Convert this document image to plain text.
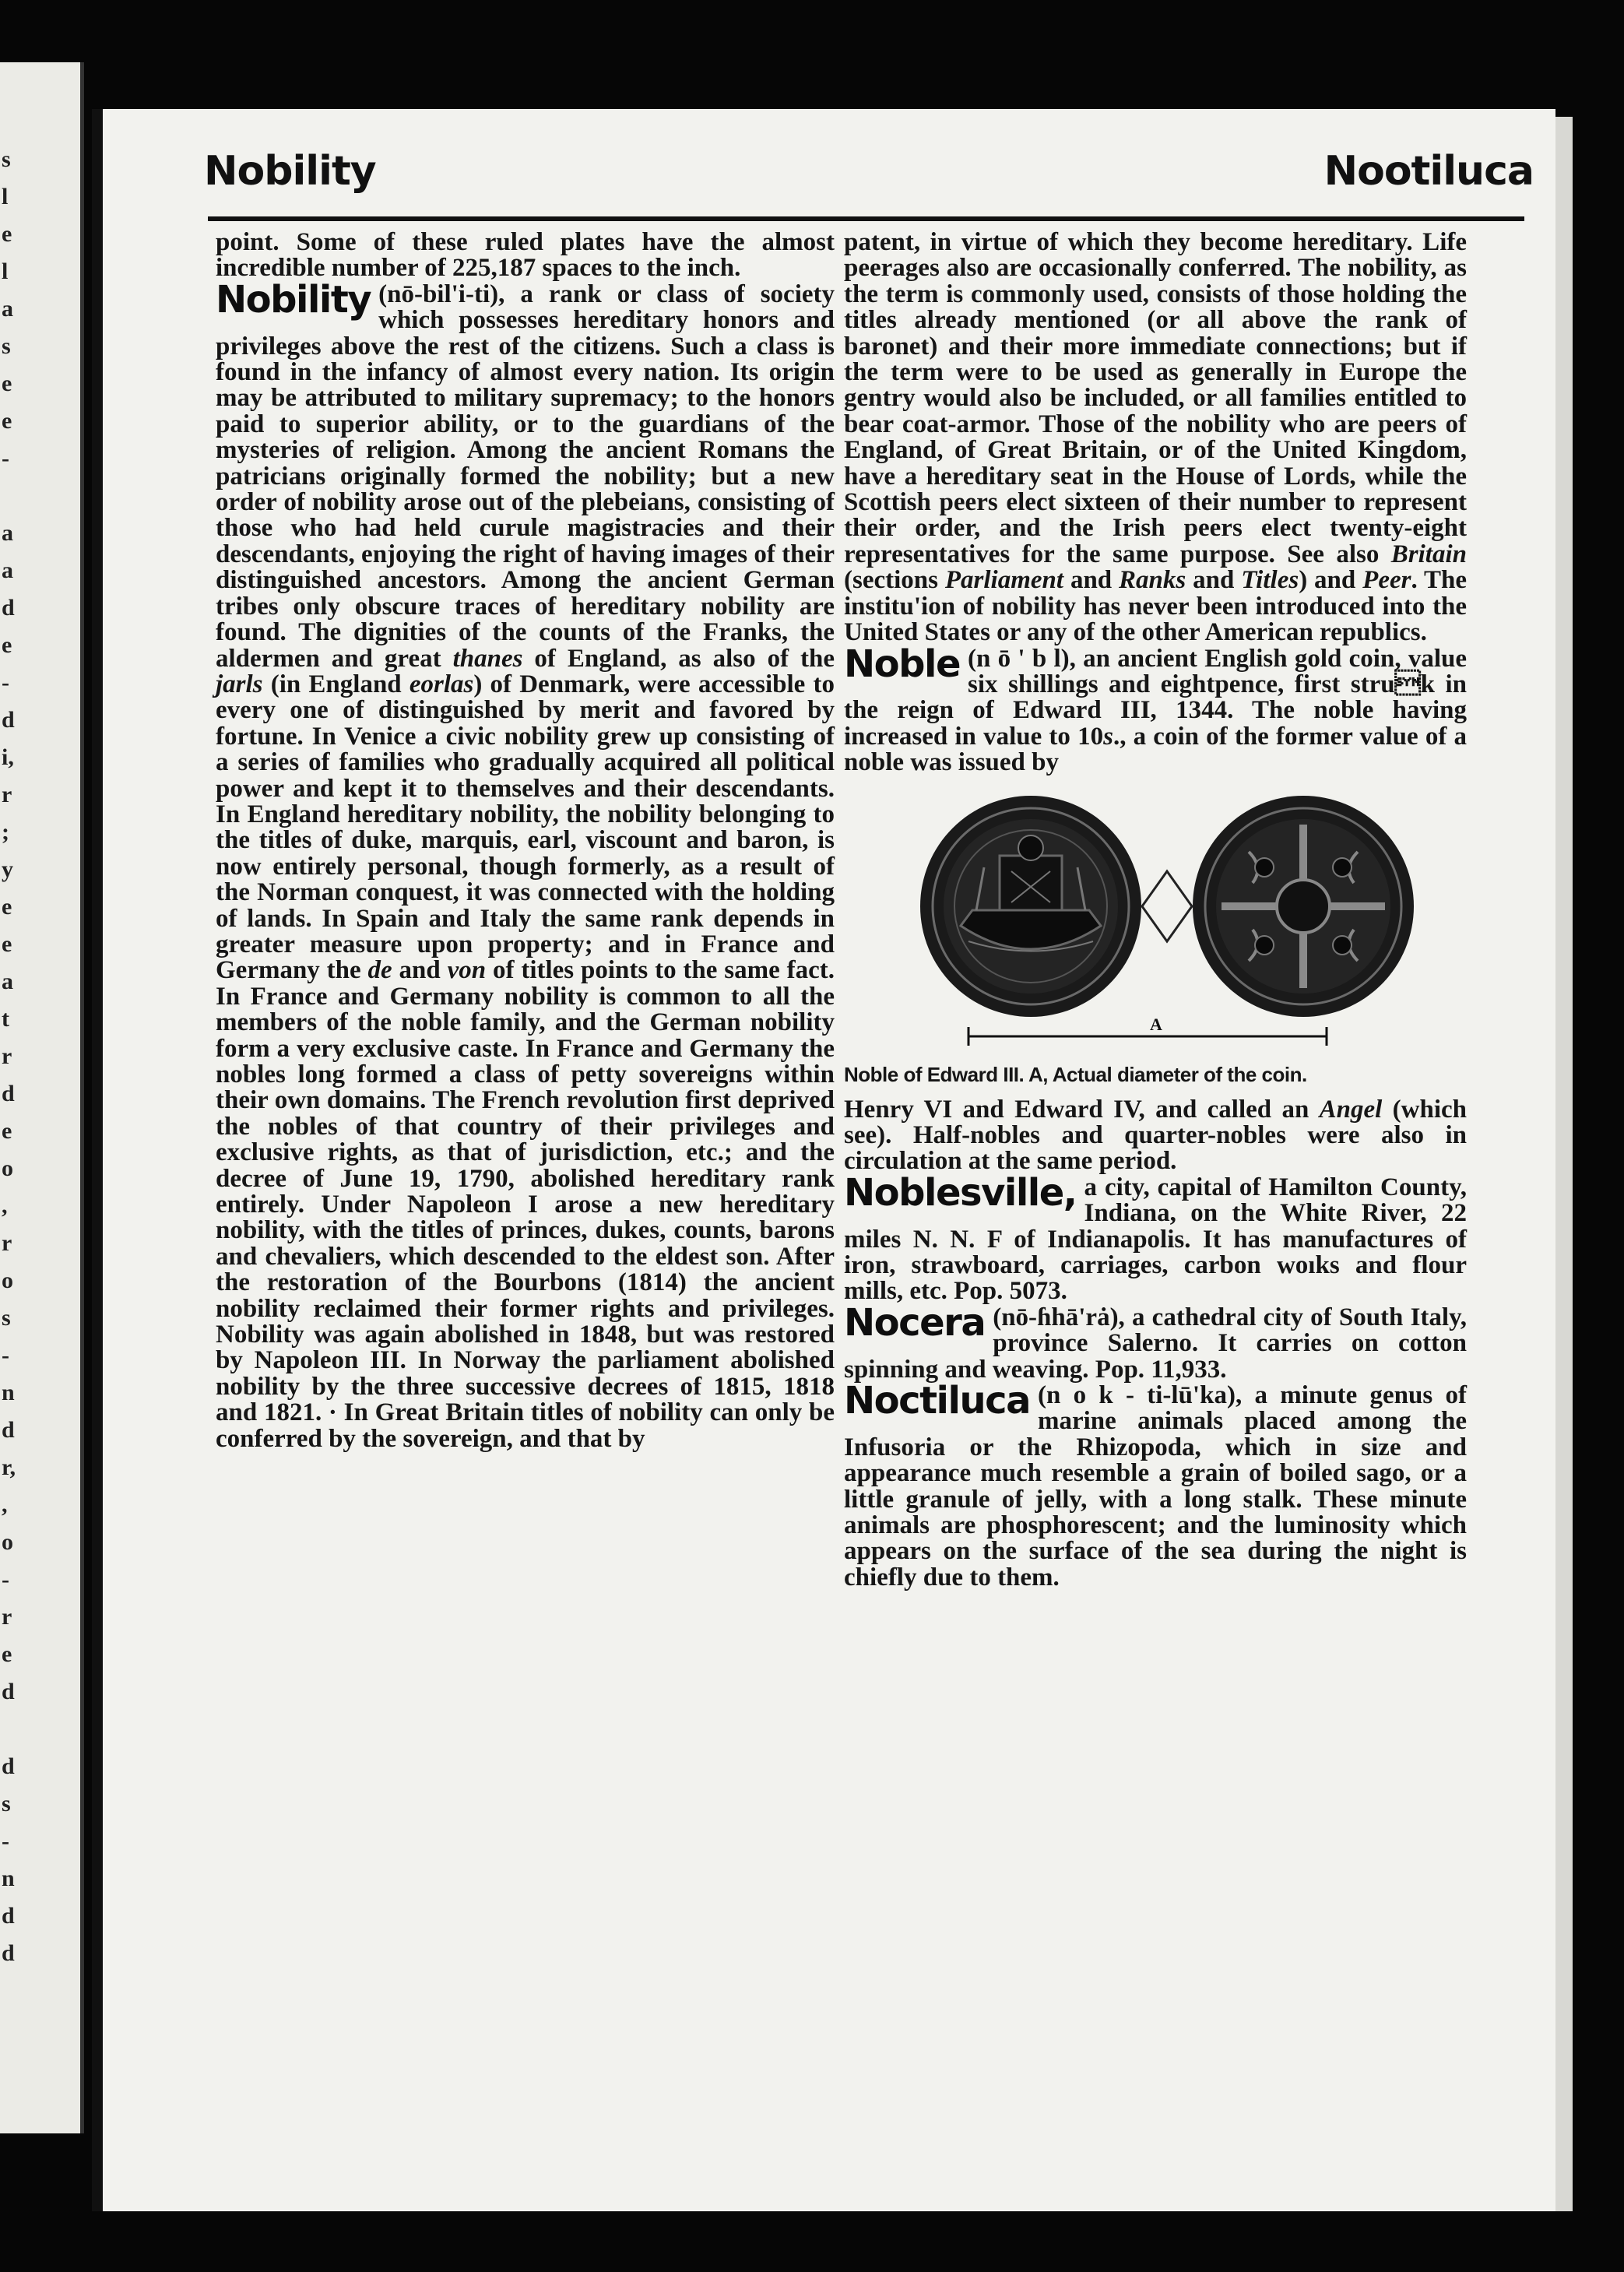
s
l
e
l
a
s
e
e
-
a
a
d
e
-
d
i,
r
;
y
e
e
a
t
r
d
e
o
,
r
o
s
-
n
d
r,
,
o
-
r
e
d
d
s
-
n
d
d
Nobility	Nootiluca

point. Some of these ruled plates have the almost incredible number of 225,187 spaces to the inch.

Nobility (nō-bil'i-ti), a rank or class of society which possesses hereditary honors and privileges above the rest of the citizens. Such a class is found in the infancy of almost every nation. Its origin may be attributed to military supremacy; to the honors paid to superior ability, or to the guardians of the mysteries of religion. Among the ancient Romans the patricians originally formed the nobility; but a new order of nobility arose out of the plebeians, consisting of those who had held curule magistracies and their descendants, enjoying the right of having images of their distinguished ancestors. Among the ancient German tribes only obscure traces of hereditary nobility are found. The dignities of the counts of the Franks, the aldermen and great thanes of England, as also of the jarls (in England eorlas) of Denmark, were accessible to every one of distinguished by merit and favored by fortune. In Venice a civic nobility grew up consisting of a series of families who gradually acquired all political power and kept it to themselves and their descendants. In England hereditary nobility, the nobility belonging to the titles of duke, marquis, earl, viscount and baron, is now entirely personal, though formerly, as a result of the Norman conquest, it was connected with the holding of lands. In Spain and Italy the same rank depends in greater measure upon property; and in France and Germany the de and von of titles points to the same fact. In France and Germany nobility is common to all the members of the noble family, and the German nobility form a very exclusive caste. In France and Germany the nobles long formed a class of petty sovereigns within their own domains. The French revolution first deprived the nobles of that country of their privileges and exclusive rights, as that of jurisdiction, etc.; and the decree of June 19, 1790, abolished hereditary rank entirely. Under Napoleon I arose a new hereditary nobility, with the titles of princes, dukes, counts, barons and chevaliers, which descended to the eldest son. After the restoration of the Bourbons (1814) the ancient nobility reclaimed their former rights and privileges. Nobility was again abolished in 1848, but was restored by Napoleon III. In Norway the parliament abolished nobility by the three successive decrees of 1815, 1818 and 1821. · In Great Britain titles of nobility can only be conferred by the sovereign, and that by

patent, in virtue of which they become hereditary. Life peerages also are occasionally conferred. The nobility, as the term is commonly used, consists of those holding the titles already mentioned (or all above the rank of baronet) and their more immediate connections; but if the term were to be used as generally in Europe the gentry would also be included, or all families entitled to bear coat-armor. Those of the nobility who are peers of England, of Great Britain, or of the United Kingdom, have a hereditary seat in the House of Lords, while the Scottish peers elect sixteen of their number to represent their order, and the Irish peers elect twenty-eight representatives for the same purpose. See also Britain (sections Parliament and Ranks and Titles) and Peer. The institu'ion of nobility has never been introduced into the United States or any of the other American republics.

Noble (n ō ' b l), an ancient English gold coin, value six shillings and eightpence, first struk in the reign of Edward III, 1344. The noble having increased in value to 10s., a coin of the former value of a noble was issued by

A
Noble of Edward III. A, Actual diameter of the coin.

Henry VI and Edward IV, and called an Angel (which see). Half-nobles and quarter-nobles were also in circulation at the same period.

Noblesville, a city, capital of Hamilton County, Indiana, on the White River, 22 miles N. N. F of Indianapolis. It has manufactures of iron, strawboard, carriages, carbon woıks and flour mills, etc. Pop. 5073.

Nocera (nō-ɦhā'rȧ), a cathedral city of South Italy, province Salerno. It carries on cotton spinning and weaving. Pop. 11,933.

Noctiluca (n o k - ti-lū'ka), a minute genus of marine animals placed among the Infusoria or the Rhizopoda, which in size and appearance much resemble a grain of boiled sago, or a little granule of jelly, with a long stalk. These minute animals are phosphorescent; and the luminosity which appears on the surface of the sea during the night is chiefly due to them.
